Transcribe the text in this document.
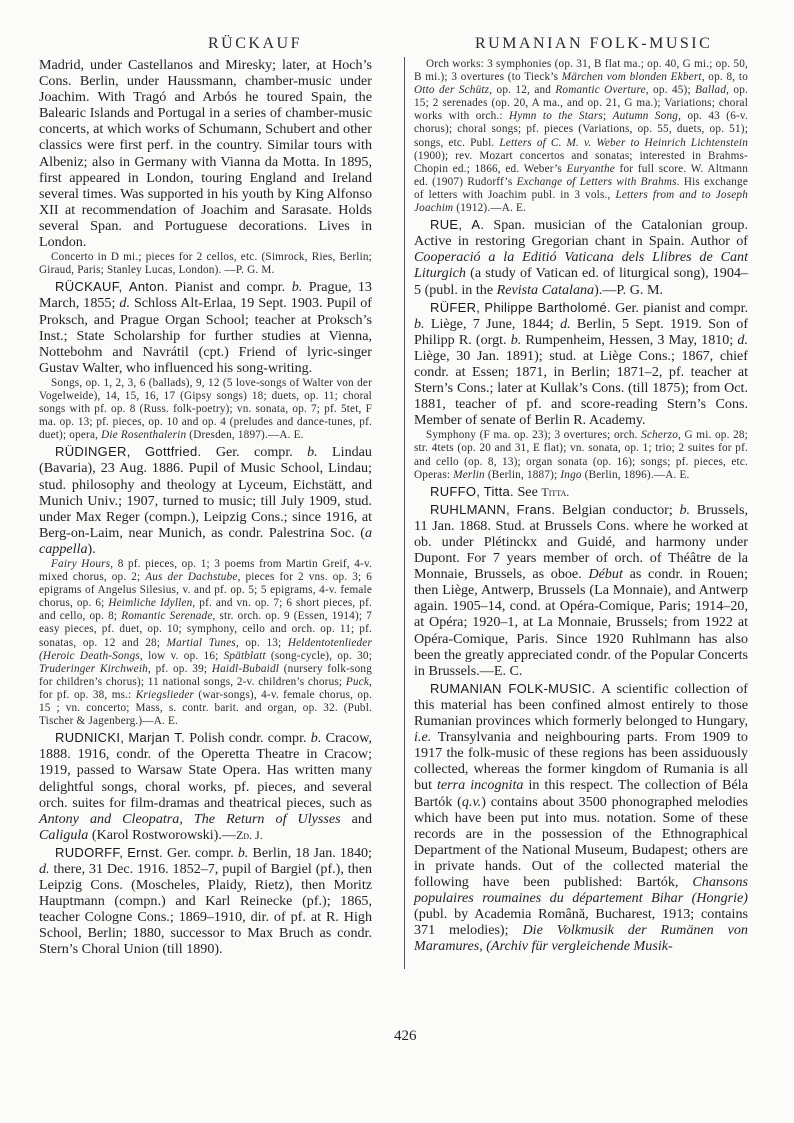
RÜCKAUF	RUMANIAN FOLK-MUSIC

Madrid, under Castellanos and Miresky; later, at Hoch’s Cons. Berlin, under Haussmann, chamber-music under Joachim. With Tragó and Arbós he toured Spain, the Balearic Islands and Portugal in a series of chamber-music concerts, at which works of Schumann, Schubert and other classics were first perf. in the country. Similar tours with Albeniz; also in Germany with Vianna da Motta. In 1895, first appeared in London, touring England and Ireland several times. Was supported in his youth by King Alfonso XII at recommendation of Joachim and Sarasate. Holds several Span. and Portuguese decorations. Lives in London.

Concerto in D mi.; pieces for 2 cellos, etc. (Simrock, Ries, Berlin; Giraud, Paris; Stanley Lucas, London). —P. G. M.

RÜCKAUF, Anton. Pianist and compr. b. Prague, 13 March, 1855; d. Schloss Alt-Erlaa, 19 Sept. 1903. Pupil of Proksch, and Prague Organ School; teacher at Proksch’s Inst.; State Scholarship for further studies at Vienna, Nottebohm and Navrátil (cpt.) Friend of lyric-singer Gustav Walter, who influenced his song-writing.

Songs, op. 1, 2, 3, 6 (ballads), 9, 12 (5 love-songs of Walter von der Vogelweide), 14, 15, 16, 17 (Gipsy songs) 18; duets, op. 11; choral songs with pf. op. 8 (Russ. folk-poetry); vn. sonata, op. 7; pf. 5tet, F ma. op. 13; pf. pieces, op. 10 and op. 4 (preludes and dance-tunes, pf. duet); opera, Die Rosenthalerin (Dresden, 1897).—A. E.

RÜDINGER, Gottfried. Ger. compr. b. Lindau (Bavaria), 23 Aug. 1886. Pupil of Music School, Lindau; stud. philosophy and theology at Lyceum, Eichstätt, and Munich Univ.; 1907, turned to music; till July 1909, stud. under Max Reger (compn.), Leipzig Cons.; since 1916, at Berg-on-Laim, near Munich, as condr. Palestrina Soc. (a cappella).

Fairy Hours, 8 pf. pieces, op. 1; 3 poems from Martin Greif, 4-v. mixed chorus, op. 2; Aus der Dachstube, pieces for 2 vns. op. 3; 6 epigrams of Angelus Silesius, v. and pf. op. 5; 5 epigrams, 4-v. female chorus, op. 6; Heimliche Idyllen, pf. and vn. op. 7; 6 short pieces, pf. and cello, op. 8; Romantic Serenade, str. orch. op. 9 (Essen, 1914); 7 easy pieces, pf. duet, op. 10; symphony, cello and orch. op. 11; pf. sonatas, op. 12 and 28; Martial Tunes, op. 13; Heldentotenlieder (Heroic Death-Songs, low v. op. 16; Spätblatt (song-cycle), op. 30; Truderinger Kirchweih, pf. op. 39; Haidl-Bubaidl (nursery folk-song for children’s chorus); 11 national songs, 2-v. children’s chorus; Puck, for pf. op. 38, ms.: Kriegslieder (war-songs), 4-v. female chorus, op. 15 ; vn. concerto; Mass, s. contr. barit. and organ, op. 32. (Publ. Tischer & Jagenberg.)—A. E.

RUDNICKI, Marjan T. Polish condr. compr. b. Cracow, 1888. 1916, condr. of the Operetta Theatre in Cracow; 1919, passed to Warsaw State Opera. Has written many delightful songs, choral works, pf. pieces, and several orch. suites for film-dramas and theatrical pieces, such as Antony and Cleopatra, The Return of Ulysses and Caligula (Karol Rostworowski).—Zd. J.

RUDORFF, Ernst. Ger. compr. b. Berlin, 18 Jan. 1840; d. there, 31 Dec. 1916. 1852–7, pupil of Bargiel (pf.), then Leipzig Cons. (Moscheles, Plaidy, Rietz), then Moritz Hauptmann (compn.) and Karl Reinecke (pf.); 1865, teacher Cologne Cons.; 1869–1910, dir. of pf. at R. High School, Berlin; 1880, successor to Max Bruch as condr. Stern’s Choral Union (till 1890).

Orch works: 3 symphonies (op. 31, B flat ma.; op. 40, G mi.; op. 50, B mi.); 3 overtures (to Tieck’s Märchen vom blonden Ekbert, op. 8, to Otto der Schütz, op. 12, and Romantic Overture, op. 45); Ballad, op. 15; 2 serenades (op. 20, A ma., and op. 21, G ma.); Variations; choral works with orch.: Hymn to the Stars; Autumn Song, op. 43 (6-v. chorus); choral songs; pf. pieces (Variations, op. 55, duets, op. 51); songs, etc. Publ. Letters of C. M. v. Weber to Heinrich Lichtenstein (1900); rev. Mozart concertos and sonatas; interested in Brahms-Chopin ed.; 1866, ed. Weber’s Euryanthe for full score. W. Altmann ed. (1907) Rudorff’s Exchange of Letters with Brahms. His exchange of letters with Joachim publ. in 3 vols., Letters from and to Joseph Joachim (1912).—A. E.

RUE, A. Span. musician of the Catalonian group. Active in restoring Gregorian chant in Spain. Author of Cooperació a la Editió Vaticana dels Llibres de Cant Liturgich (a study of Vatican ed. of liturgical song), 1904–5 (publ. in the Revista Catalana).—P. G. M.

RÜFER, Philippe Bartholomé. Ger. pianist and compr. b. Liège, 7 June, 1844; d. Berlin, 5 Sept. 1919. Son of Philipp R. (orgt. b. Rumpenheim, Hessen, 3 May, 1810; d. Liège, 30 Jan. 1891); stud. at Liège Cons.; 1867, chief condr. at Essen; 1871, in Berlin; 1871–2, pf. teacher at Stern’s Cons.; later at Kullak’s Cons. (till 1875); from Oct. 1881, teacher of pf. and score-reading Stern’s Cons. Member of senate of Berlin R. Academy.

Symphony (F ma. op. 23); 3 overtures; orch. Scherzo, G mi. op. 28; str. 4tets (op. 20 and 31, E flat); vn. sonata, op. 1; trio; 2 suites for pf. and cello (op. 8, 13); organ sonata (op. 16); songs; pf. pieces, etc. Operas: Merlin (Berlin, 1887); Ingo (Berlin, 1896).—A. E.

RUFFO, Titta. See Titta.

RUHLMANN, Frans. Belgian conductor; b. Brussels, 11 Jan. 1868. Stud. at Brussels Cons. where he worked at ob. under Plétinckx and Guidé, and harmony under Dupont. For 7 years member of orch. of Théâtre de la Monnaie, Brussels, as oboe. Début as condr. in Rouen; then Liège, Antwerp, Brussels (La Monnaie), and Antwerp again. 1905–14, cond. at Opéra-Comique, Paris; 1914–20, at Opéra; 1920–1, at La Monnaie, Brussels; from 1922 at Opéra-Comique, Paris. Since 1920 Ruhlmann has also been the greatly appreciated condr. of the Popular Concerts in Brussels.—E. C.

RUMANIAN FOLK-MUSIC. A scientific collection of this material has been confined almost entirely to those Rumanian provinces which formerly belonged to Hungary, i.e. Transylvania and neighbouring parts. From 1909 to 1917 the folk-music of these regions has been assiduously collected, whereas the former kingdom of Rumania is all but terra incognita in this respect. The collection of Béla Bartók (q.v.) contains about 3500 phonographed melodies which have been put into mus. notation. Some of these records are in the possession of the Ethnographical Department of the National Museum, Budapest; others are in private hands. Out of the collected material the following have been published: Bartók, Chansons populaires roumaines du département Bihar (Hongrie) (publ. by Academia Română, Bucharest, 1913; contains 371 melodies); Die Volkmusik der Rumänen von Maramures, (Archiv für vergleichende Musik-

426
